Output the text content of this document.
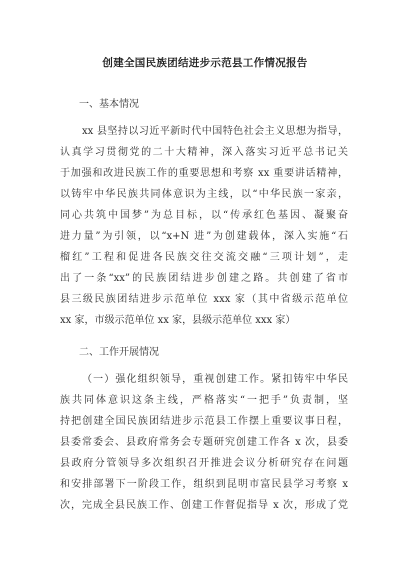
创建全国民族团结进步示范县工作情况报告
一、基本情况
xx 县坚持以习近平新时代中国特色社会主义思想为指导，
认真学习贯彻党的二十大精神，深入落实习近平总书记关
于加强和改进民族工作的重要思想和考察 xx 重要讲话精神，
以铸牢中华民族共同体意识为主线，以“中华民族一家亲，
同心共筑中国梦”为总目标，以“传承红色基因、凝聚奋
进力量”为引领，以“x+N 进”为创建载体，深入实施“石
榴红”工程和促进各民族交往交流交融“三项计划”，走
出了一条“xx”的民族团结进步创建之路。共创建了省市
县三级民族团结进步示范单位 xxx 家（其中省级示范单位
xx 家，市级示范单位 xx 家，县级示范单位 xxx 家）
二、工作开展情况
（一）强化组织领导，重视创建工作。紧扣铸牢中华民
族共同体意识这条主线，严格落实“一把手”负责制，坚
持把创建全国民族团结进步示范县工作摆上重要议事日程，
县委常委会、县政府常务会专题研究创建工作各 x 次，县委
县政府分管领导多次组织召开推进会议分析研究存在问题
和安排部署下一阶段工作，组织到昆明市富民县学习考察 x
次，完成全县民族工作、创建工作督促指导 x 次，形成了党
